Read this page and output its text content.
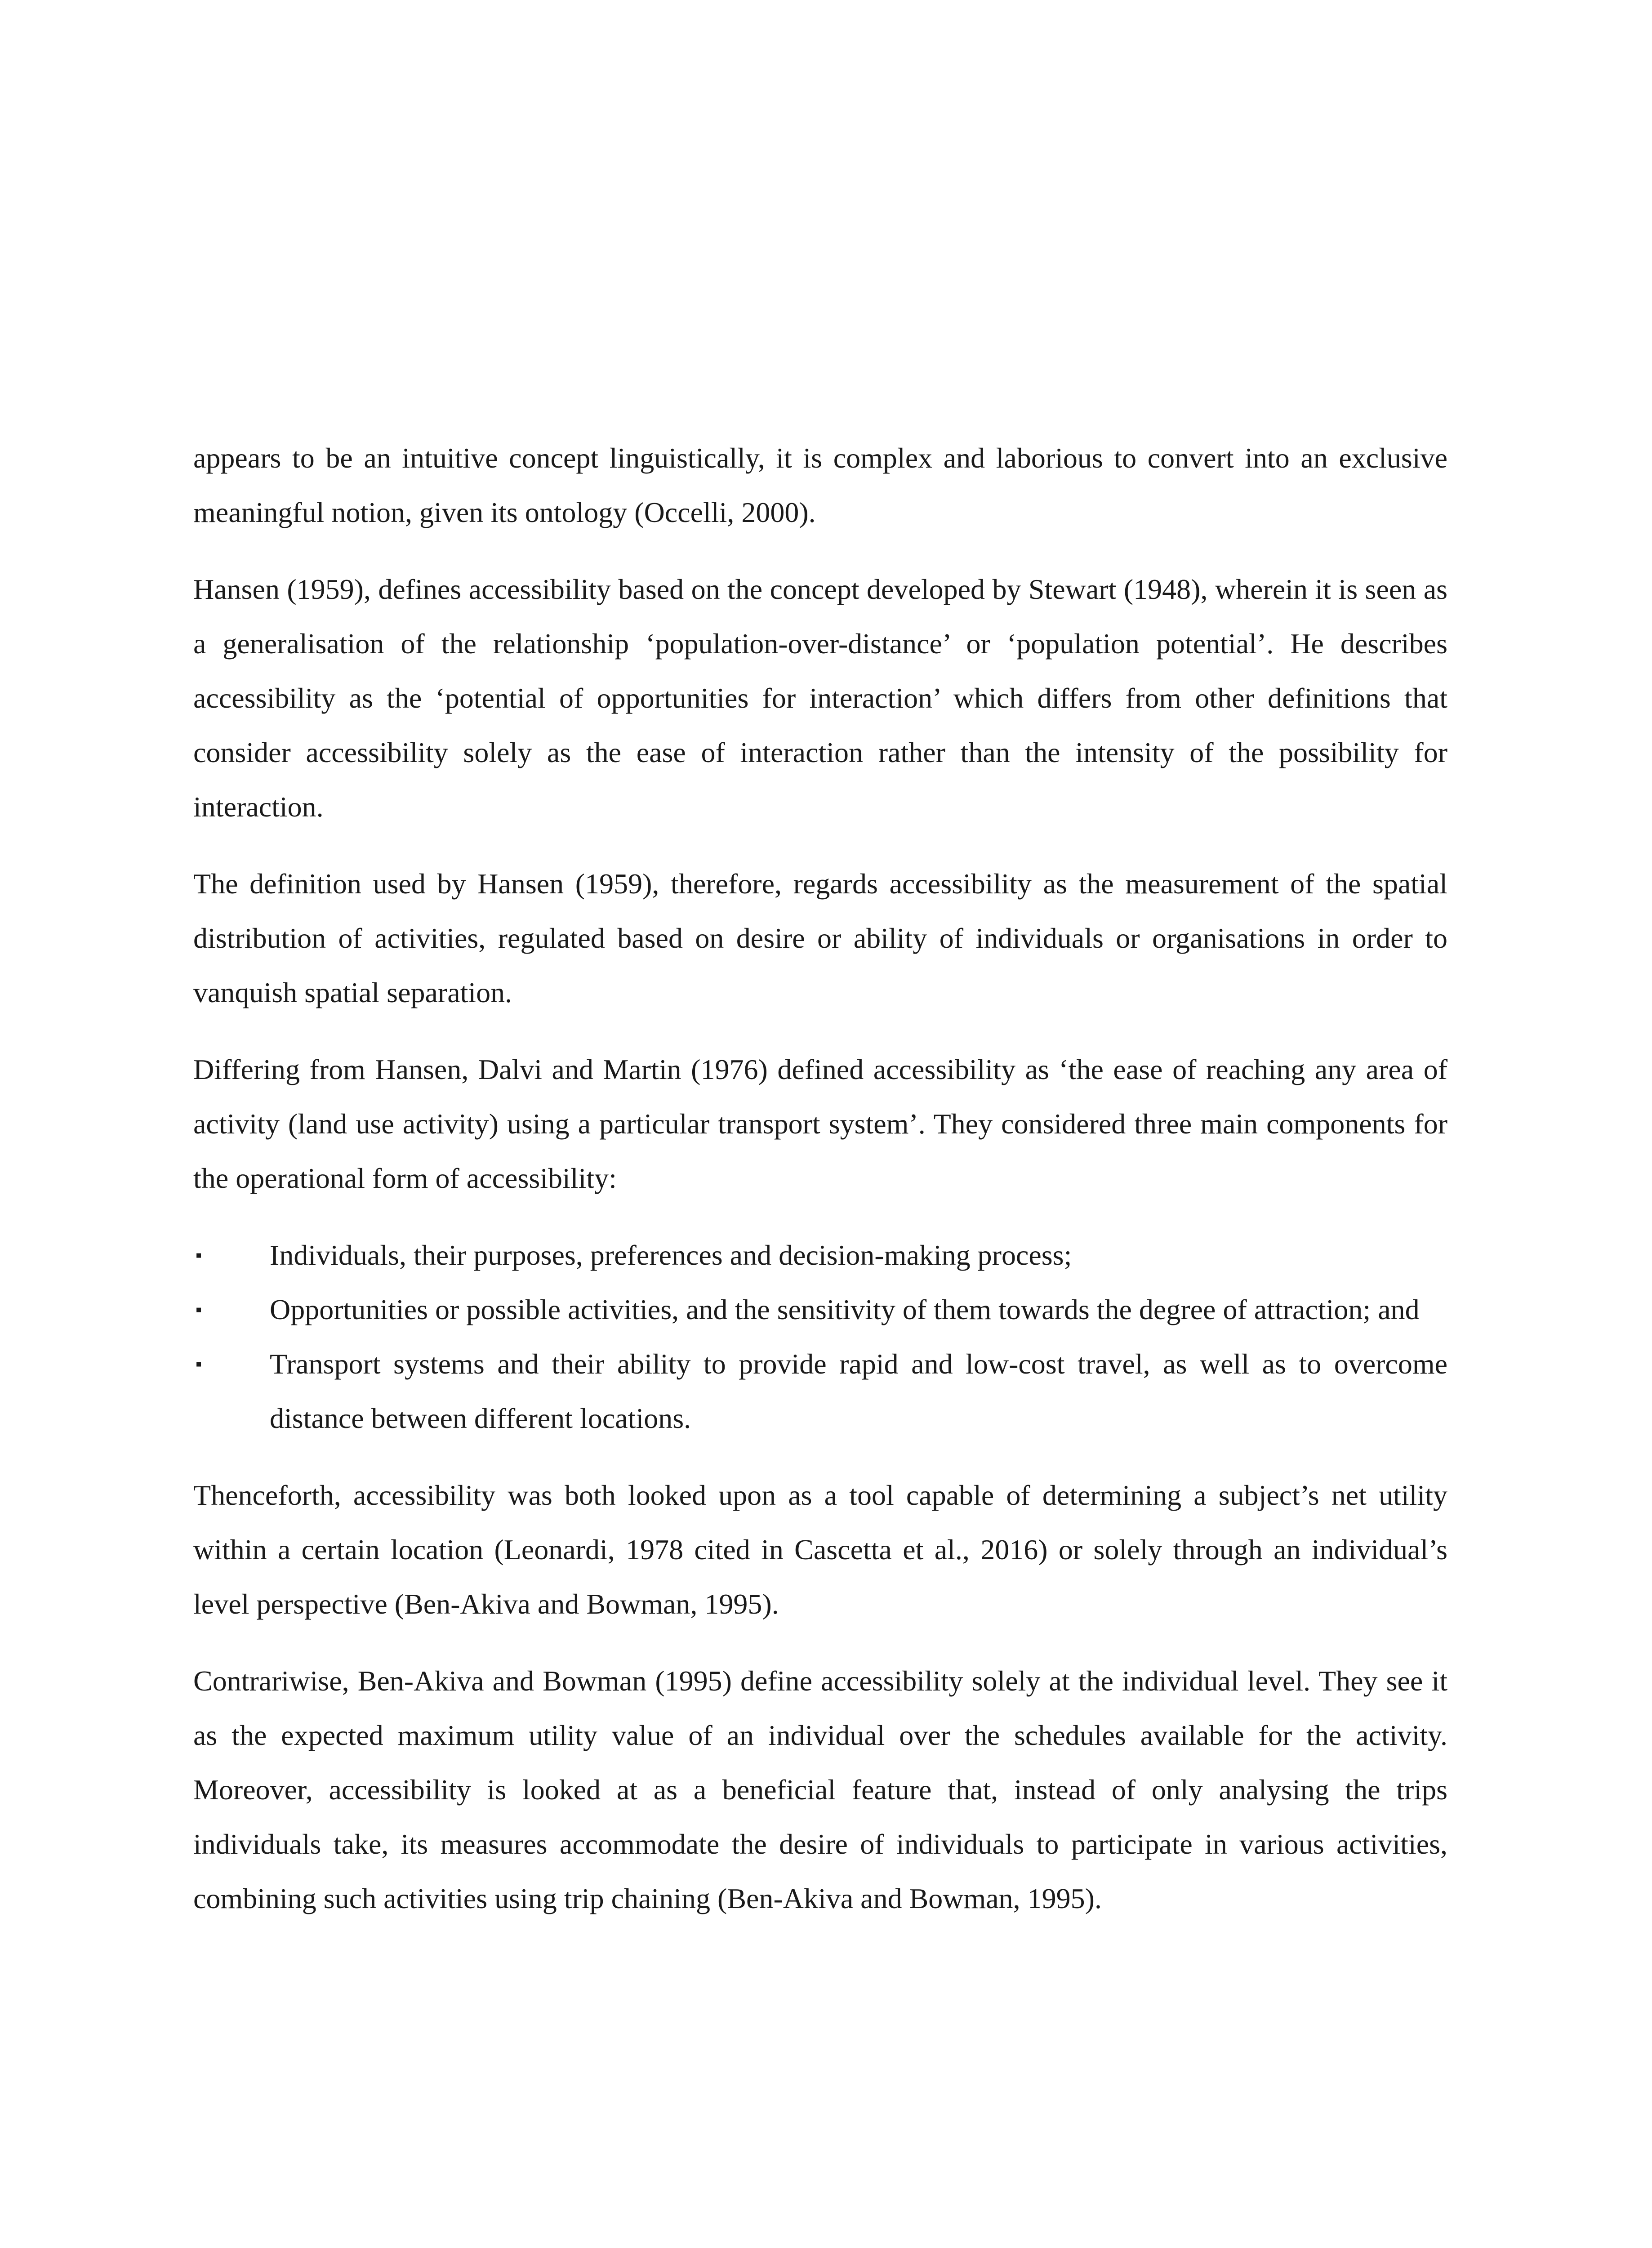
appears to be an intuitive concept linguistically, it is complex and laborious to convert into an exclusive meaningful notion, given its ontology (Occelli, 2000).

Hansen (1959), defines accessibility based on the concept developed by Stewart (1948), wherein it is seen as a generalisation of the relationship ‘population-over-distance’ or ‘population potential’. He describes accessibility as the ‘potential of opportunities for interaction’ which differs from other definitions that consider accessibility solely as the ease of interaction rather than the intensity of the possibility for interaction.

The definition used by Hansen (1959), therefore, regards accessibility as the measurement of the spatial distribution of activities, regulated based on desire or ability of individuals or organisations in order to vanquish spatial separation.

Differing from Hansen, Dalvi and Martin (1976) defined accessibility as ‘the ease of reaching any area of activity (land use activity) using a particular transport system’. They considered three main components for the operational form of accessibility:

▪ Individuals, their purposes, preferences and decision-making process;
▪ Opportunities or possible activities, and the sensitivity of them towards the degree of attraction; and
▪ Transport systems and their ability to provide rapid and low-cost travel, as well as to overcome distance between different locations.

Thenceforth, accessibility was both looked upon as a tool capable of determining a subject’s net utility within a certain location (Leonardi, 1978 cited in Cascetta et al., 2016) or solely through an individual’s level perspective (Ben-Akiva and Bowman, 1995).

Contrariwise, Ben-Akiva and Bowman (1995) define accessibility solely at the individual level. They see it as the expected maximum utility value of an individual over the schedules available for the activity. Moreover, accessibility is looked at as a beneficial feature that, instead of only analysing the trips individuals take, its measures accommodate the desire of individuals to participate in various activities, combining such activities using trip chaining (Ben-Akiva and Bowman, 1995).
